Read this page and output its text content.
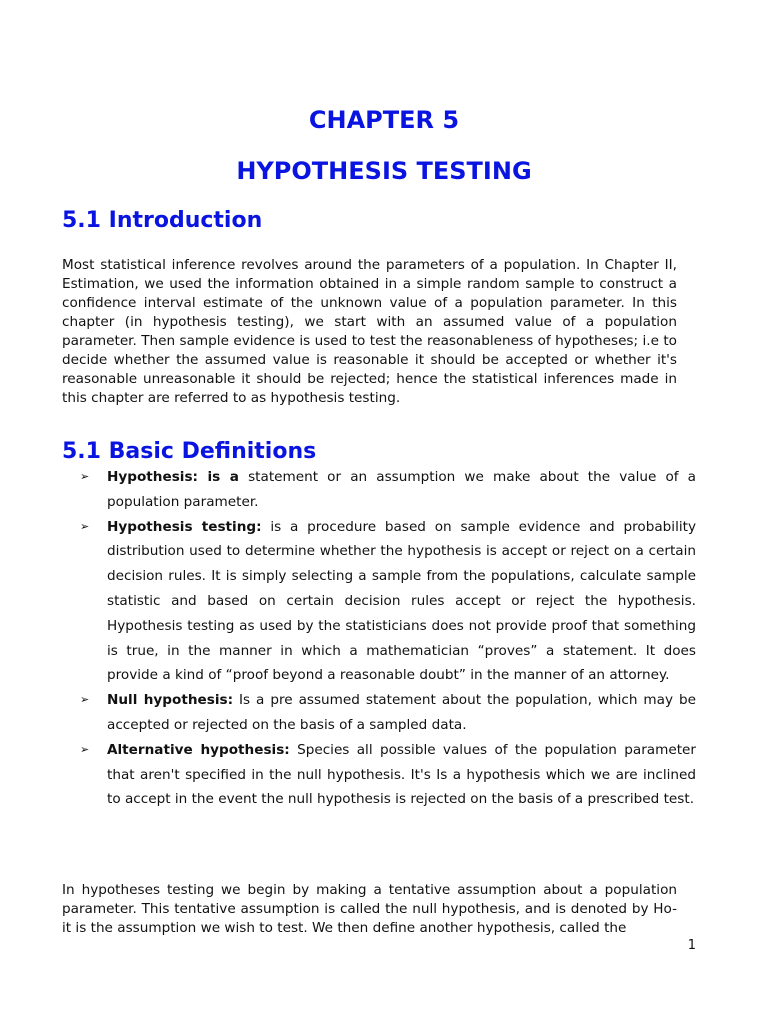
CHAPTER 5
HYPOTHESIS TESTING
5.1 Introduction

Most statistical inference revolves around the parameters of a population. In Chapter II, Estimation, we used the information obtained in a simple random sample to construct a confidence interval estimate of the unknown value of a population parameter. In this chapter (in hypothesis testing), we start with an assumed value of a population parameter. Then sample evidence is used to test the reasonableness of hypotheses; i.e to decide whether the assumed value is reasonable it should be accepted or whether it's reasonable unreasonable it should be rejected; hence the statistical inferences made in this chapter are referred to as hypothesis testing.

5.1 Basic Definitions
➢ Hypothesis: is a statement or an assumption we make about the value of a population parameter.
➢ Hypothesis testing: is a procedure based on sample evidence and probability distribution used to determine whether the hypothesis is accept or reject on a certain decision rules. It is simply selecting a sample from the populations, calculate sample statistic and based on certain decision rules accept or reject the hypothesis. Hypothesis testing as used by the statisticians does not provide proof that something is true, in the manner in which a mathematician “proves” a statement. It does provide a kind of “proof beyond a reasonable doubt” in the manner of an attorney.
➢ Null hypothesis: Is a pre assumed statement about the population, which may be accepted or rejected on the basis of a sampled data.
➢ Alternative hypothesis: Species all possible values of the population parameter that aren't specified in the null hypothesis. It's Is a hypothesis which we are inclined to accept in the event the null hypothesis is rejected on the basis of a prescribed test.

In hypotheses testing we begin by making a tentative assumption about a population parameter. This tentative assumption is called the null hypothesis, and is denoted by Ho-it is the assumption we wish to test. We then define another hypothesis, called the

1
